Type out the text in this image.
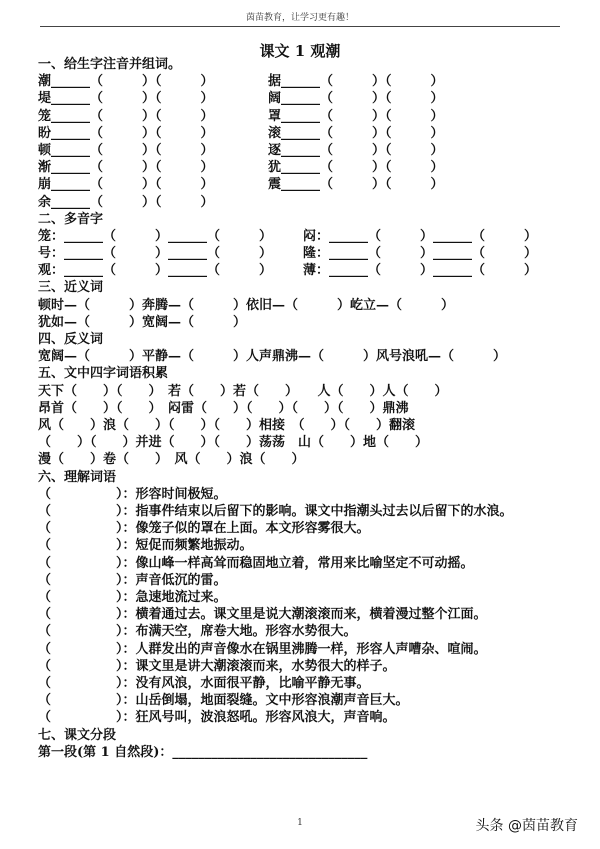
茵苗教育，让学习更有趣！
课文 1 观潮
一、给生字注音并组词。
潮______（　　　）（　　　）	据______（　　　）（　　　）
堤______（　　　）（　　　）	阔______（　　　）（　　　）
笼______（　　　）（　　　）	罩______（　　　）（　　　）
盼______（　　　）（　　　）	滚______（　　　）（　　　）
顿______（　　　）（　　　）	逐______（　　　）（　　　）
渐______（　　　）（　　　）	犹______（　　　）（　　　）
崩______（　　　）（　　　）	震______（　　　）（　　　）
余______（　　　）（　　　）
二、多音字
笼：______（　　　）______（　　　） 闷：______（　　　）______（　　　）
号：______（　　　）______（　　　） 隆：______（　　　）______（　　　）
观：______（　　　）______（　　　） 薄：______（　　　）______（　　　）
三、近义词
顿时—（　　　）奔腾—（　　　）依旧—（　　　）屹立—（　　　）
犹如—（　　　）宽阔—（　　　）
四、反义词
宽阔—（　　　）平静—（　　　）人声鼎沸—（　　　）风号浪吼—（　　　）
五、文中四字词语积累
天下（　　）（　　）　若（　　）若（　　）　　人（　　）人（　　）
昂首（　　）（　　）　闷雷（　　）（　　）（　　）（　　）鼎沸
风（　　）浪（　　）（　　）（　　）相接　（　　）（　　）翻滚
（　　）（　　）并进（　　）（　　）荡荡　山（　　）地（　　）
漫（　　）卷（　　）　风（　　）浪（　　）
六、理解词语
（　　　　　）：形容时间极短。
（　　　　　）：指事件结束以后留下的影响。课文中指潮头过去以后留下的水浪。
（　　　　　）：像笼子似的罩在上面。本文形容雾很大。
（　　　　　）：短促而频繁地振动。
（　　　　　）：像山峰一样高耸而稳固地立着，常用来比喻坚定不可动摇。
（　　　　　）：声音低沉的雷。
（　　　　　）：急速地流过来。
（　　　　　）：横着通过去。课文里是说大潮滚滚而来，横着漫过整个江面。
（　　　　　）：布满天空，席卷大地。形容水势很大。
（　　　　　）：人群发出的声音像水在锅里沸腾一样，形容人声嘈杂、喧闹。
（　　　　　）：课文里是讲大潮滚滚而来，水势很大的样子。
（　　　　　）：没有风浪，水面很平静，比喻平静无事。
（　　　　　）：山岳倒塌，地面裂缝。文中形容浪潮声音巨大。
（　　　　　）：狂风号叫，波浪怒吼。形容风浪大，声音响。
七、课文分段
第一段(第 1 自然段)：______________________________
1	头条 @茵苗教育
